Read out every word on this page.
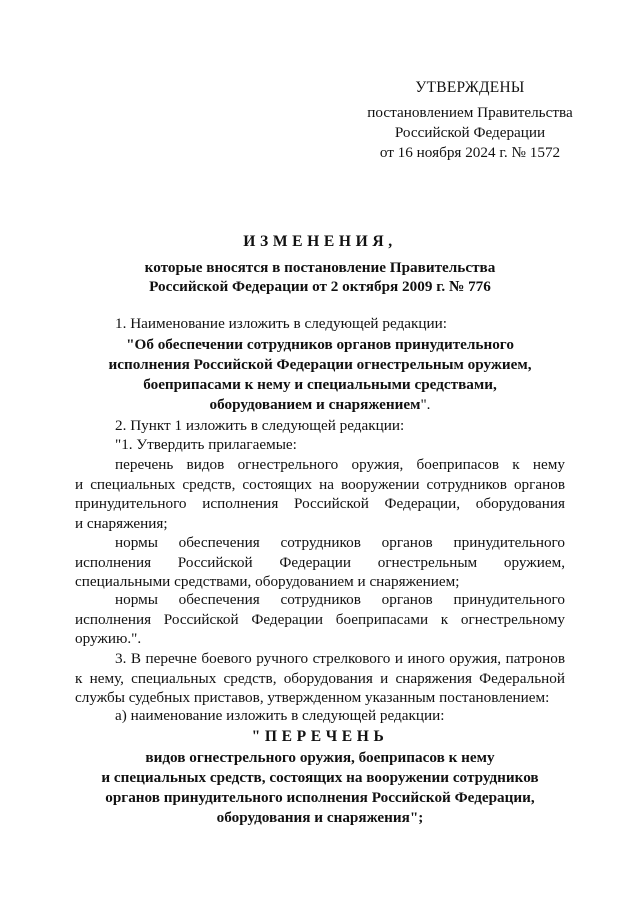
УТВЕРЖДЕНЫ
постановлением Правительства
Российской Федерации
от 16 ноября 2024 г. № 1572
ИЗМЕНЕНИЯ,
которые вносятся в постановление Правительства
Российской Федерации от 2 октября 2009 г. № 776
1. Наименование изложить в следующей редакции:
"Об обеспечении сотрудников органов принудительного
исполнения Российской Федерации огнестрельным оружием,
боеприпасами к нему и специальными средствами,
оборудованием и снаряжением".
2. Пункт 1 изложить в следующей редакции:
"1. Утвердить прилагаемые:
перечень видов огнестрельного оружия, боеприпасов к нему
и специальных средств, состоящих на вооружении сотрудников органов
принудительного исполнения Российской Федерации, оборудования
и снаряжения;
нормы обеспечения сотрудников органов принудительного
исполнения Российской Федерации огнестрельным оружием,
специальными средствами, оборудованием и снаряжением;
нормы обеспечения сотрудников органов принудительного
исполнения Российской Федерации боеприпасами к огнестрельному
оружию.".
3. В перечне боевого ручного стрелкового и иного оружия, патронов
к нему, специальных средств, оборудования и снаряжения Федеральной
службы судебных приставов, утвержденном указанным постановлением:
а) наименование изложить в следующей редакции:
"ПЕРЕЧЕНЬ
видов огнестрельного оружия, боеприпасов к нему
и специальных средств, состоящих на вооружении сотрудников
органов принудительного исполнения Российской Федерации,
оборудования и снаряжения";
